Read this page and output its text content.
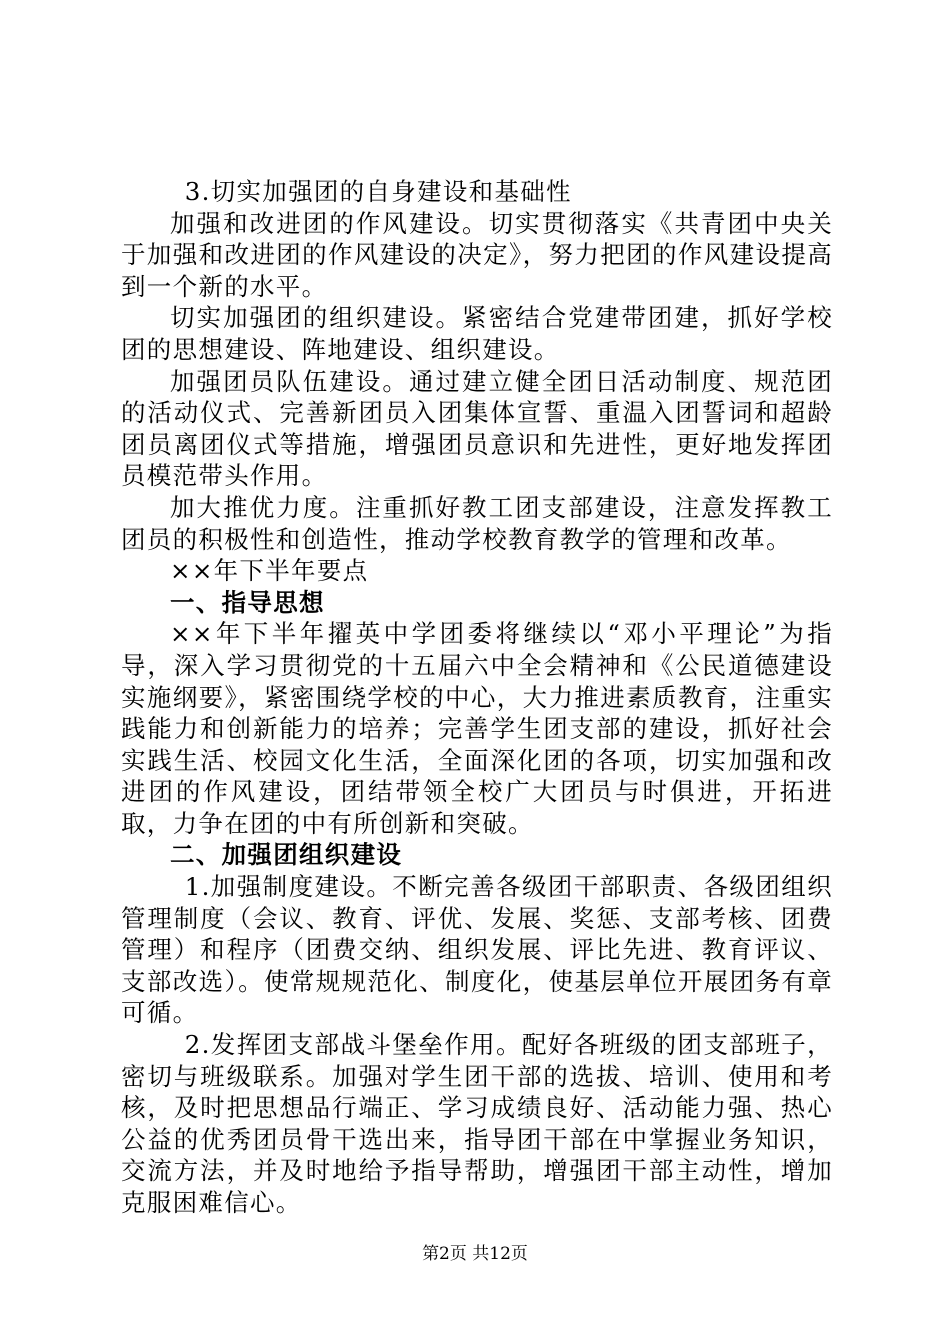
3.切实加强团的自身建设和基础性

加强和改进团的作风建设。切实贯彻落实《共青团中央关于加强和改进团的作风建设的决定》，努力把团的作风建设提高到一个新的水平。

切实加强团的组织建设。紧密结合党建带团建，抓好学校团的思想建设、阵地建设、组织建设。

加强团员队伍建设。通过建立健全团日活动制度、规范团的活动仪式、完善新团员入团集体宣誓、重温入团誓词和超龄团员离团仪式等措施，增强团员意识和先进性，更好地发挥团员模范带头作用。

加大推优力度。注重抓好教工团支部建设，注意发挥教工团员的积极性和创造性，推动学校教育教学的管理和改革。

××年下半年要点

一、指导思想

××年下半年擢英中学团委将继续以“邓小平理论”为指导，深入学习贯彻党的十五届六中全会精神和《公民道德建设实施纲要》，紧密围绕学校的中心，大力推进素质教育，注重实践能力和创新能力的培养；完善学生团支部的建设，抓好社会实践生活、校园文化生活，全面深化团的各项，切实加强和改进团的作风建设，团结带领全校广大团员与时俱进，开拓进取，力争在团的中有所创新和突破。

二、加强团组织建设

1.加强制度建设。不断完善各级团干部职责、各级团组织管理制度（会议、教育、评优、发展、奖惩、支部考核、团费管理）和程序（团费交纳、组织发展、评比先进、教育评议、支部改选）。使常规规范化、制度化，使基层单位开展团务有章可循。

2.发挥团支部战斗堡垒作用。配好各班级的团支部班子，密切与班级联系。加强对学生团干部的选拔、培训、使用和考核，及时把思想品行端正、学习成绩良好、活动能力强、热心公益的优秀团员骨干选出来，指导团干部在中掌握业务知识，交流方法，并及时地给予指导帮助，增强团干部主动性，增加克服困难信心。

第2页 共12页
